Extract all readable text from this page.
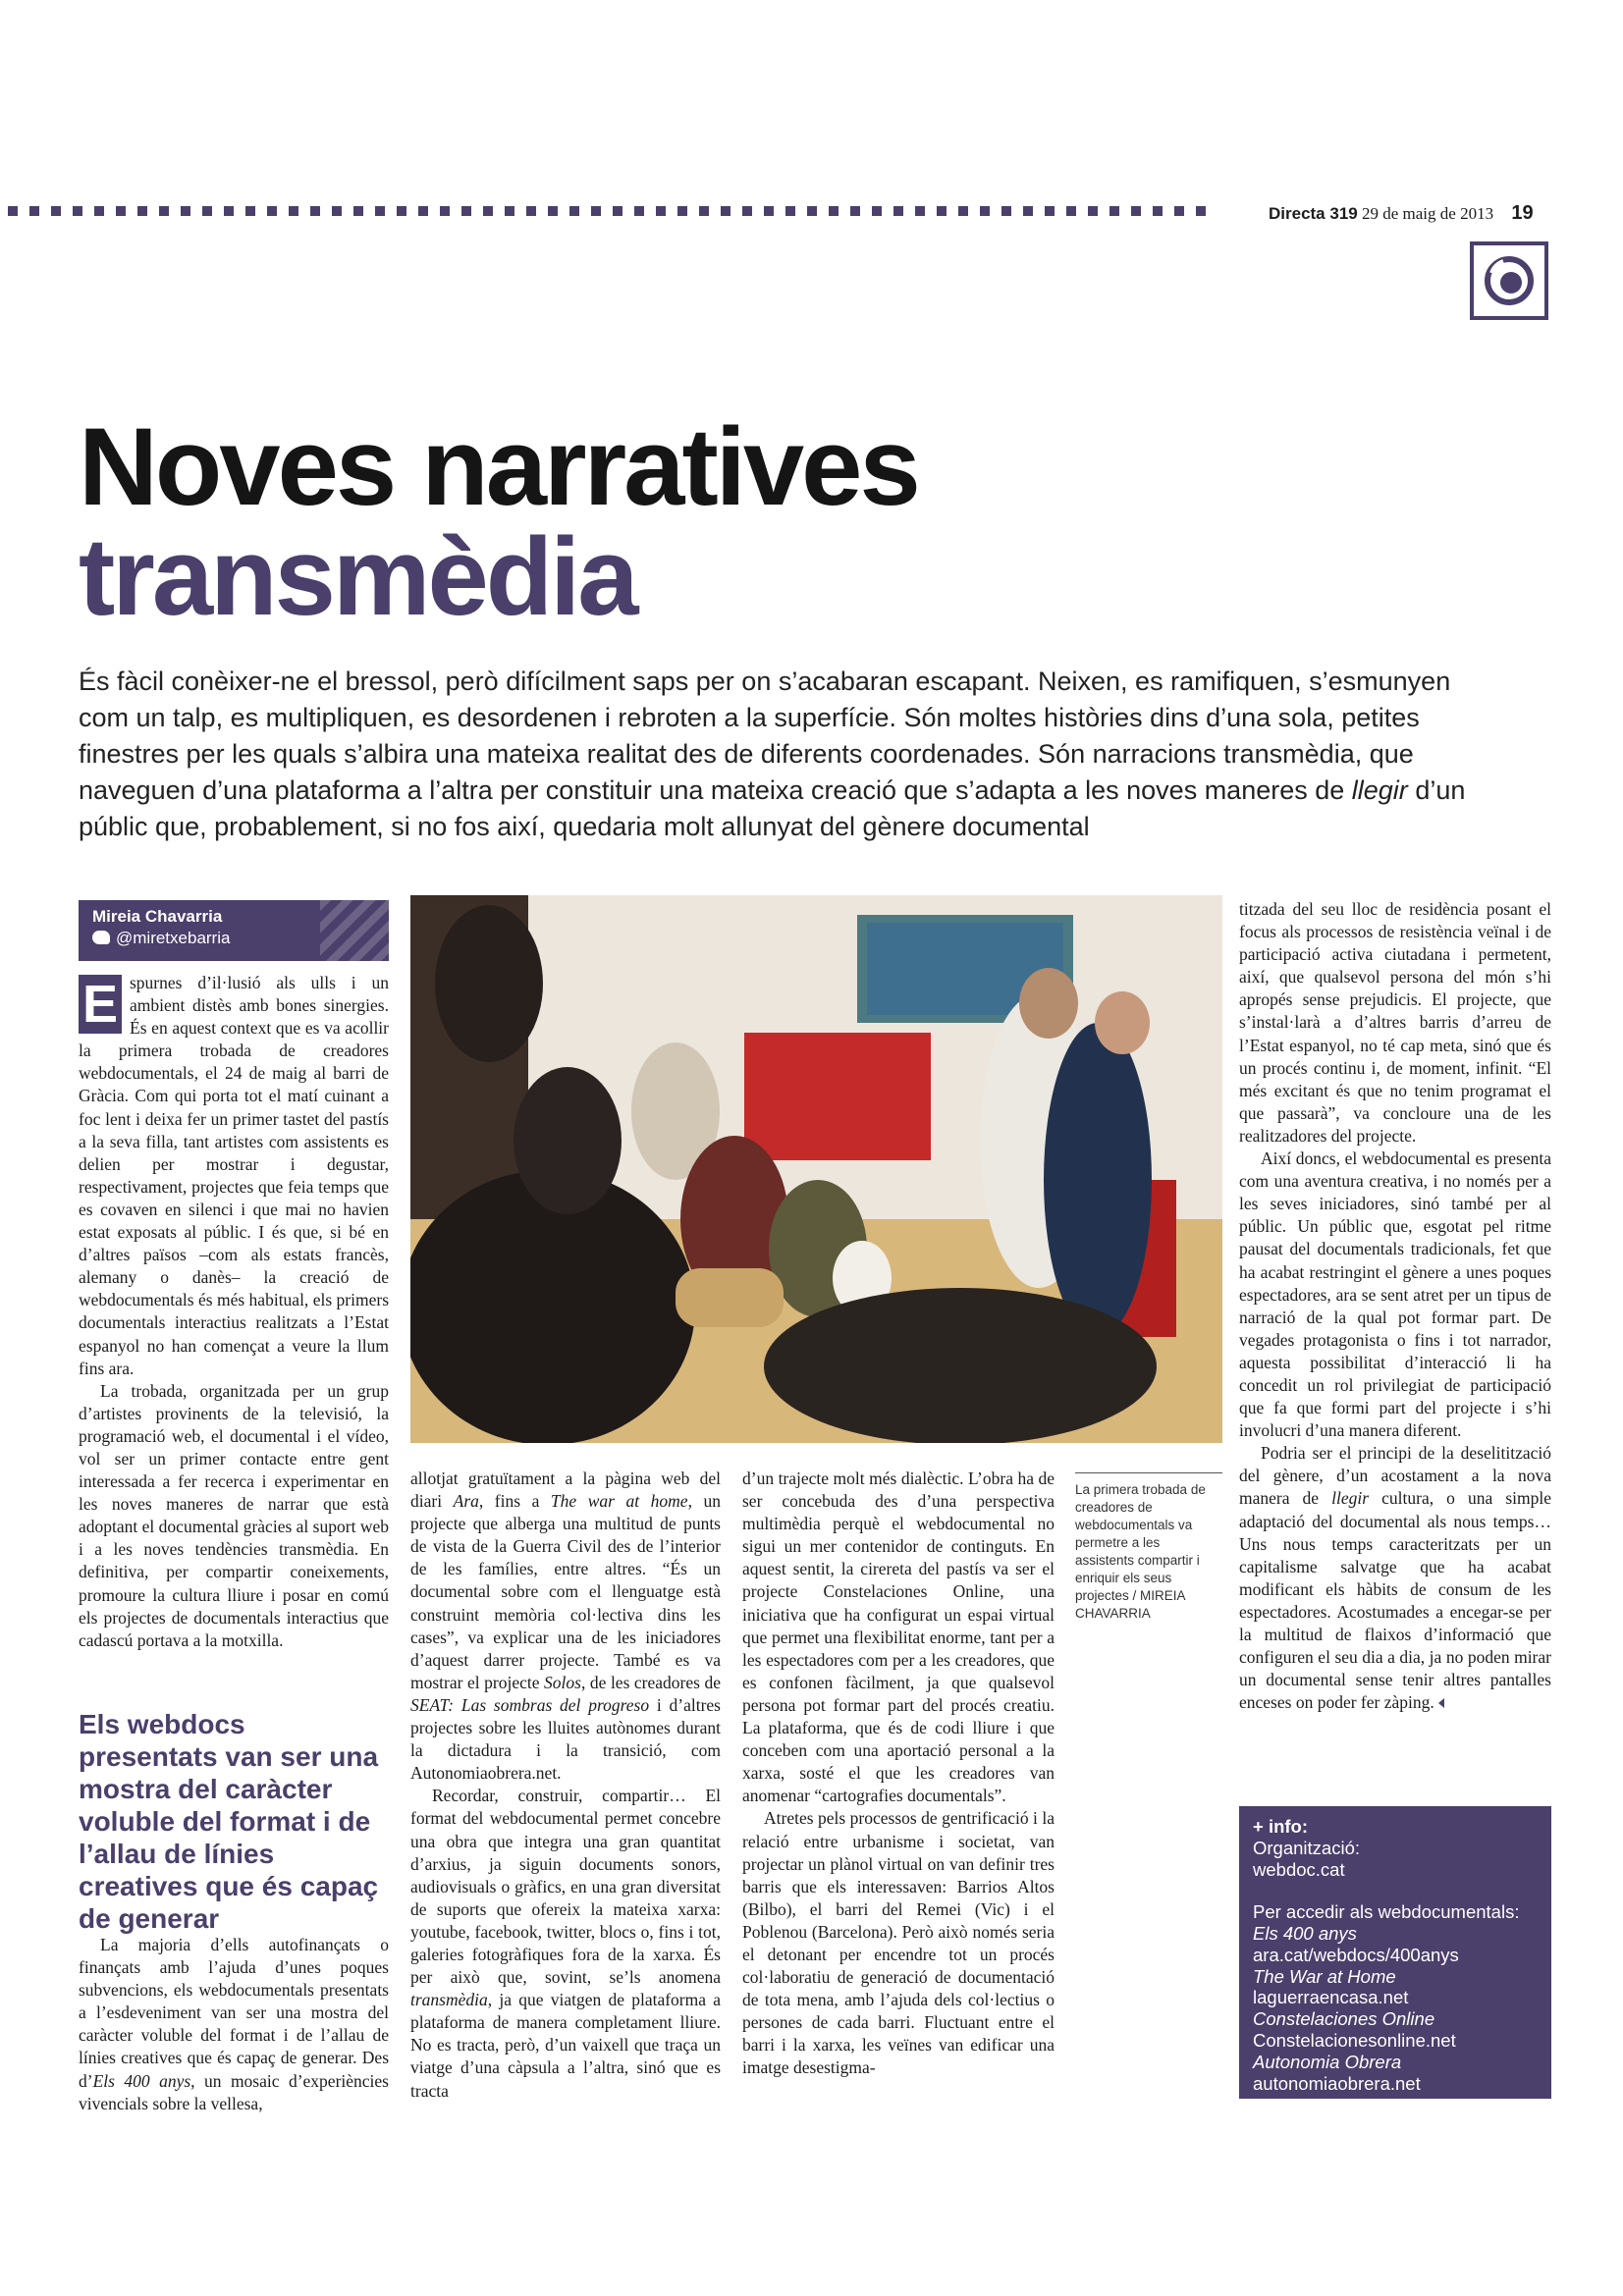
Directa 319 29 de maig de 2013 19
Noves narratives
transmèdia
És fàcil conèixer-ne el bressol, però difícilment saps per on s’acabaran escapant. Neixen, es ramifiquen, s’esmunyen com un talp, es multipliquen, es desordenen i rebroten a la superfície. Són moltes històries dins d’una sola, petites finestres per les quals s’albira una mateixa realitat des de diferents coordenades. Són narracions transmèdia, que naveguen d’una plataforma a l’altra per constituir una mateixa creació que s’adapta a les noves maneres de llegir d’un públic que, probablement, si no fos així, quedaria molt allunyat del gènere documental
Mireia Chavarria
@miretxebarria

E spurnes d’il·lusió als ulls i un ambient distès amb bones sinergies. És en aquest context que es va acollir la primera trobada de creadores webdocumentals, el 24 de maig al barri de Gràcia. Com qui porta tot el matí cuinant a foc lent i deixa fer un primer tastet del pastís a la seva filla, tant artistes com assistents es delien per mostrar i degustar, respectivament, projectes que feia temps que es covaven en silenci i que mai no havien estat exposats al públic. I és que, si bé en d’altres països –com als estats francès, alemany o danès– la creació de webdocumentals és més habitual, els primers documentals interactius realitzats a l’Estat espanyol no han començat a veure la llum fins ara.

La trobada, organitzada per un grup d’artistes provinents de la televisió, la programació web, el documental i el vídeo, vol ser un primer contacte entre gent interessada a fer recerca i experimentar en les noves maneres de narrar que està adoptant el documental gràcies al suport web i a les noves tendències transmèdia. En definitiva, per compartir coneixements, promoure la cultura lliure i posar en comú els projectes de documentals interactius que cadascú portava a la motxilla.

Els webdocs presentats van ser una mostra del caràcter voluble del format i de l’allau de línies creatives que és capaç de generar

La majoria d’ells autofinançats o finançats amb l’ajuda d’unes poques subvencions, els webdocumentals presentats a l’esdeveniment van ser una mostra del caràcter voluble del format i de l’allau de línies creatives que és capaç de generar. Des d’Els 400 anys, un mosaic d’experiències vivencials sobre la vellesa,

La primera trobada de creadores de webdocumentals va permetre a les assistents compartir i enriquir els seus projectes / MIREIA CHAVARRIA

allotjat gratuïtament a la pàgina web del diari Ara, fins a The war at home, un projecte que alberga una multitud de punts de vista de la Guerra Civil des de l’interior de les famílies, entre altres. “És un documental sobre com el llenguatge està construint memòria col·lectiva dins les cases”, va explicar una de les iniciadores d’aquest darrer projecte. També es va mostrar el projecte Solos, de les creadores de SEAT: Las sombras del progreso i d’altres projectes sobre les lluites autònomes durant la dictadura i la transició, com Autonomiaobrera.net.

Recordar, construir, compartir… El format del webdocumental permet concebre una obra que integra una gran quantitat d’arxius, ja siguin documents sonors, audiovisuals o gràfics, en una gran diversitat de suports que ofereix la mateixa xarxa: youtube, facebook, twitter, blocs o, fins i tot, galeries fotogràfiques fora de la xarxa. És per això que, sovint, se’ls anomena transmèdia, ja que viatgen de plataforma a plataforma de manera completament lliure. No es tracta, però, d’un vaixell que traça un viatge d’una càpsula a l’altra, sinó que es tracta

d’un trajecte molt més dialèctic. L’obra ha de ser concebuda des d’una perspectiva multimèdia perquè el webdocumental no sigui un mer contenidor de continguts. En aquest sentit, la cirereta del pastís va ser el projecte Constelaciones Online, una iniciativa que ha configurat un espai virtual que permet una flexibilitat enorme, tant per a les espectadores com per a les creadores, que es confonen fàcilment, ja que qualsevol persona pot formar part del procés creatiu. La plataforma, que és de codi lliure i que conceben com una aportació personal a la xarxa, sosté el que les creadores van anomenar “cartografies documentals”.

Atretes pels processos de gentrificació i la relació entre urbanisme i societat, van projectar un plànol virtual on van definir tres barris que els interessaven: Barrios Altos (Bilbo), el barri del Remei (Vic) i el Poblenou (Barcelona). Però això només seria el detonant per encendre tot un procés col·laboratiu de generació de documentació de tota mena, amb l’ajuda dels col·lectius o persones de cada barri. Fluctuant entre el barri i la xarxa, les veïnes van edificar una imatge desestigma-

titzada del seu lloc de residència posant el focus als processos de resistència veïnal i de participació activa ciutadana i permetent, així, que qualsevol persona del món s’hi apropés sense prejudicis. El projecte, que s’instal·larà a d’altres barris d’arreu de l’Estat espanyol, no té cap meta, sinó que és un procés continu i, de moment, infinit. “El més excitant és que no tenim programat el que passarà”, va concloure una de les realitzadores del projecte.

Així doncs, el webdocumental es presenta com una aventura creativa, i no només per a les seves iniciadores, sinó també per al públic. Un públic que, esgotat pel ritme pausat del documentals tradicionals, fet que ha acabat restringint el gènere a unes poques espectadores, ara se sent atret per un tipus de narració de la qual pot formar part. De vegades protagonista o fins i tot narrador, aquesta possibilitat d’interacció li ha concedit un rol privilegiat de participació que fa que formi part del projecte i s’hi involucri d’una manera diferent.

Podria ser el principi de la deselitització del gènere, d’un acostament a la nova manera de llegir cultura, o una simple adaptació del documental als nous temps… Uns nous temps caracteritzats per un capitalisme salvatge que ha acabat modificant els hàbits de consum de les espectadores. Acostumades a encegar-se per la multitud de flaixos d’informació que configuren el seu dia a dia, ja no poden mirar un documental sense tenir altres pantalles enceses on poder fer zàping.

+ info:
Organització:
webdoc.cat
Per accedir als webdocumentals:
Els 400 anys
ara.cat/webdocs/400anys
The War at Home
laguerraencasa.net
Constelaciones Online
Constelacionesonline.net
Autonomia Obrera
autonomiaobrera.net
